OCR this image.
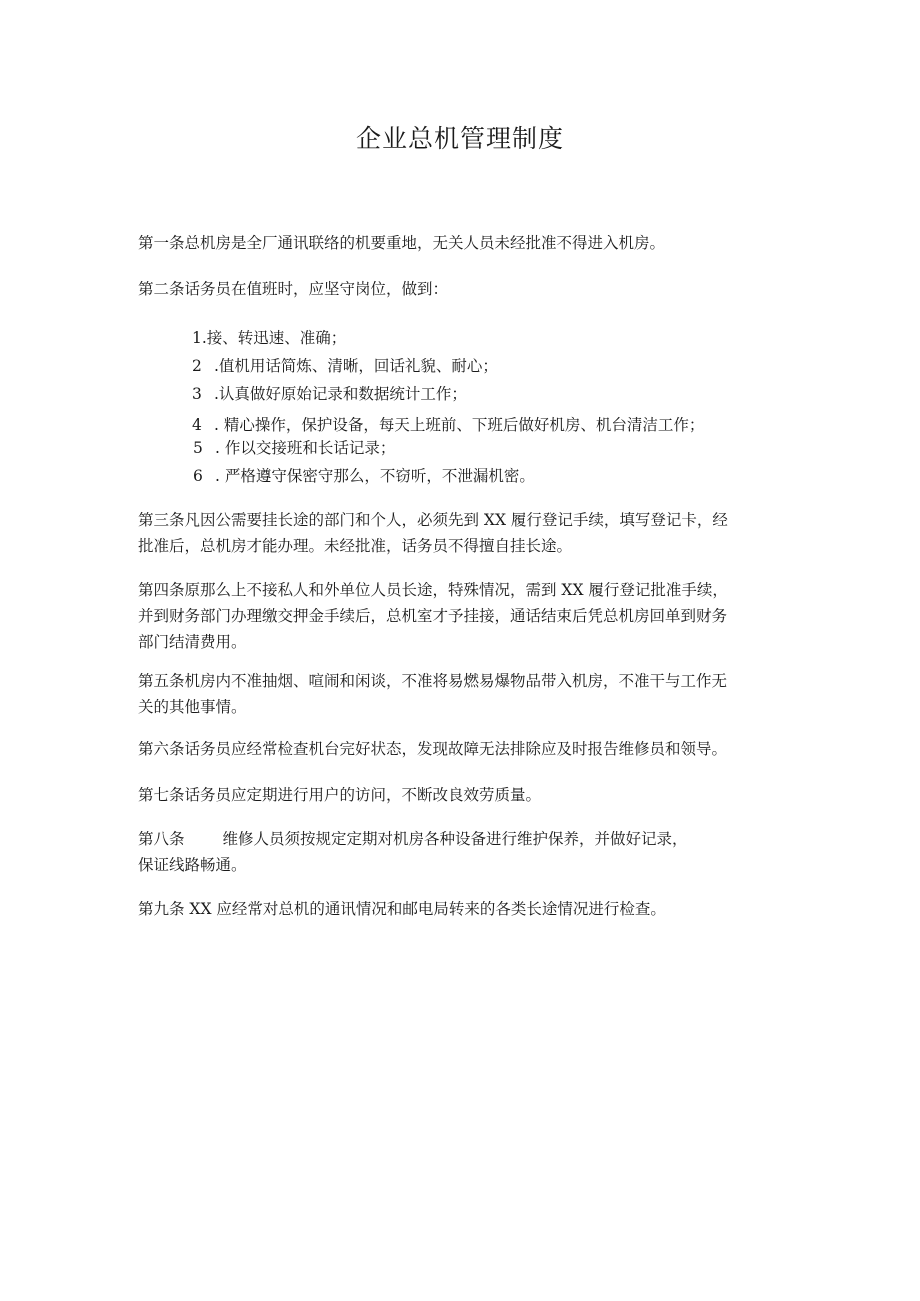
企业总机管理制度
第一条总机房是全厂通讯联络的机要重地，无关人员未经批准不得进入机房。
第二条话务员在值班时，应坚守岗位，做到：
1.接、转迅速、准确；
2 .值机用话简炼、清晰，回话礼貌、耐心；
3 .认真做好原始记录和数据统计工作；
4 . 精心操作，保护设备，每天上班前、下班后做好机房、机台清洁工作；
5 . 作以交接班和长话记录；
6 . 严格遵守保密守那么，不窃听，不泄漏机密。
第三条凡因公需要挂长途的部门和个人，必须先到 XX 履行登记手续，填写登记卡，经
批准后，总机房才能办理。未经批准，话务员不得擅自挂长途。
第四条原那么上不接私人和外单位人员长途，特殊情况，需到 XX 履行登记批准手续，
并到财务部门办理缴交押金手续后，总机室才予挂接，通话结束后凭总机房回单到财务
部门结清费用。
第五条机房内不准抽烟、喧闹和闲谈，不准将易燃易爆物品带入机房，不准干与工作无
关的其他事情。
第六条话务员应经常检查机台完好状态，发现故障无法排除应及时报告维修员和领导。
第七条话务员应定期进行用户的访问，不断改良效劳质量。
第八条 维修人员须按规定定期对机房各种设备进行维护保养，并做好记录，
保证线路畅通。
第九条 XX 应经常对总机的通讯情况和邮电局转来的各类长途情况进行检查。
